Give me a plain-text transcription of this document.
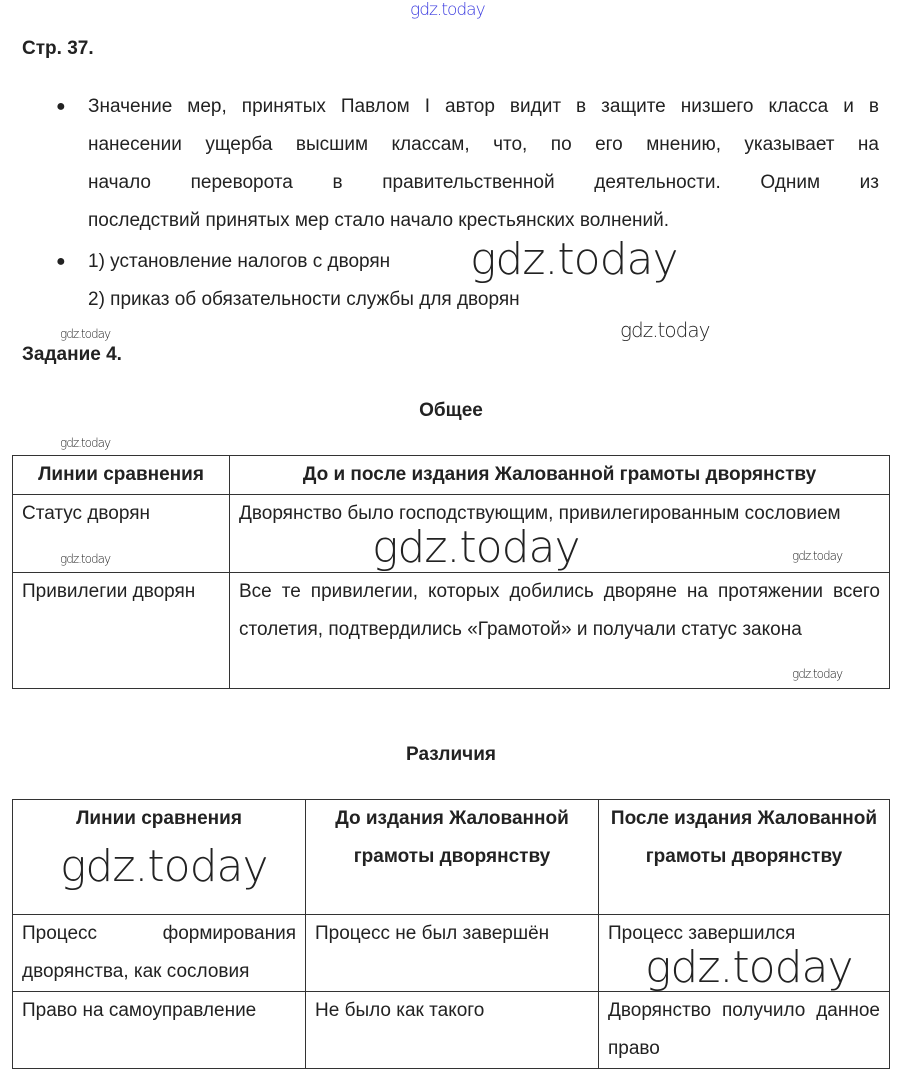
gdz.today
Стр. 37.
● Значение мер, принятых Павлом I автор видит в защите низшего класса и в
нанесении ущерба высшим классам, что, по его мнению, указывает на
начало переворота в правительственной деятельности. Одним из
последствий принятых мер стало начало крестьянских волнений.
● 1) установление налогов с дворян
2) приказ об обязательности службы для дворян
Задание 4.
Общее
Линии сравнения	До и после издания Жалованной грамоты дворянству
Статус дворян	Дворянство было господствующим, привилегированным сословием
Привилегии дворян	Все те привилегии, которых добились дворяне на протяжении всего столетия, подтвердились «Грамотой» и получали статус закона
Различия
Линии сравнения	До издания Жалованной грамоты дворянству	После издания Жалованной грамоты дворянству
Процесс формирования дворянства, как сословия	Процесс не был завершён	Процесс завершился
Право на самоуправление	Не было как такого	Дворянство получило данное право
gdz.today
gdz.today
gdz.today
gdz.today
gdz.today
gdz.today
gdz.today
gdz.today
gdz.today
gdz.today
